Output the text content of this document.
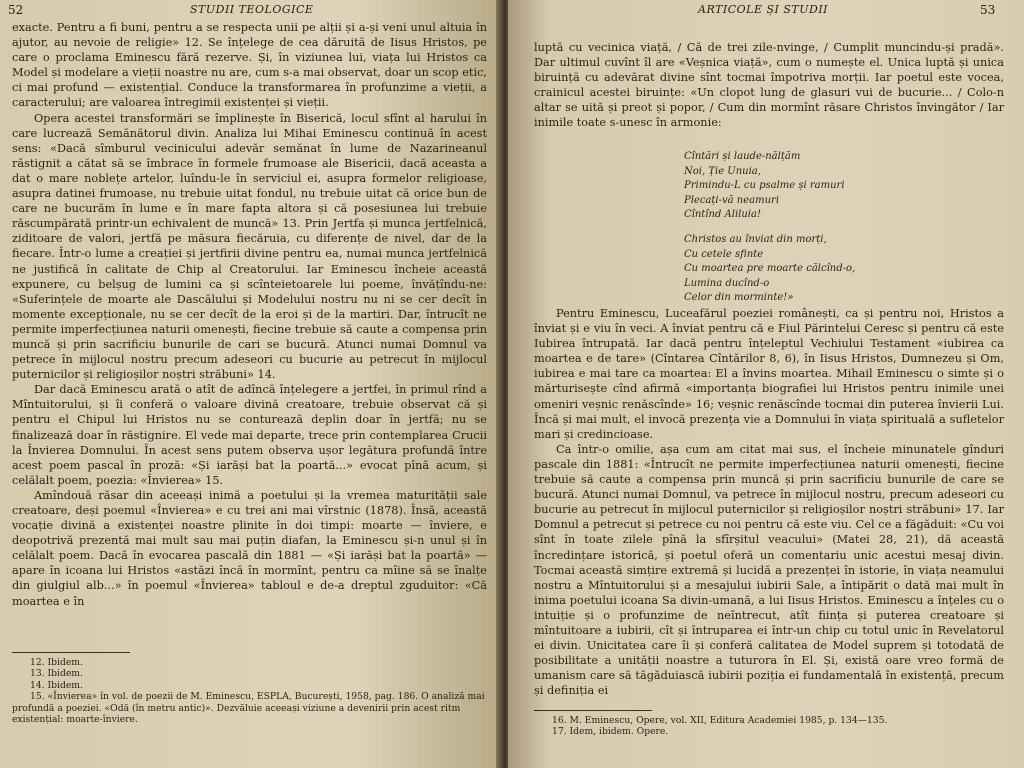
52	STUDII TEOLOGICE

exacte. Pentru a fi buni, pentru a se respecta unii pe alții și a-și veni unul altuia în ajutor, au nevoie de religie» 12. Se înțelege de cea dăruită de Iisus Hristos, pe care o proclama Eminescu fără rezerve. Și, în viziunea lui, viața lui Hristos ca Model și modelare a vieții noastre nu are, cum s-a mai observat, doar un scop etic, ci mai profund — existențial. Conduce la transformarea în profunzime a vieții, a caracterului; are valoarea întregimii existenței și vieții.

Opera acestei transformări se împlinește în Biserică, locul sfînt al harului în care lucrează Semănătorul divin. Analiza lui Mihai Eminescu continuă în acest sens: «Dacă sîmburul vecinicului adevăr semănat în lume de Nazarineanul răstignit a cătat să se îmbrace în formele frumoase ale Bisericii, dacă aceasta a dat o mare noblețe artelor, luîndu-le în serviciul ei, asupra formelor religioase, asupra datinei frumoase, nu trebuie uitat fondul, nu trebuie uitat că orice bun de care ne bucurăm în lume e în mare fapta altora și că posesiunea lui trebuie răscumpărată printr-un echivalent de muncă» 13. Prin Jertfa și munca jertfelnică, ziditoare de valori, jertfă pe măsura fiecăruia, cu diferențe de nivel, dar de la fiecare. Într-o lume a creației și jertfirii divine pentru ea, numai munca jertfelnică ne justifică în calitate de Chip al Creatorului. Iar Eminescu încheie această expunere, cu belșug de lumini ca și scînteietoarele lui poeme, învățîndu-ne: «Suferințele de moarte ale Dascălului și Modelului nostru nu ni se cer decît în momente excepționale, nu se cer decît de la eroi și de la martiri. Dar, întrucît ne permite imperfecțiunea naturii omenești, fiecine trebuie să caute a compensa prin muncă și prin sacrificiu bunurile de cari se bucură. Atunci numai Domnul va petrece în mijlocul nostru precum adeseori cu bucurie au petrecut în mijlocul puternicilor și religioșilor noștri străbuni» 14.

Dar dacă Eminescu arată o atît de adîncă înțelegere a jertfei, în primul rînd a Mîntuitorului, și îi conferă o valoare divină creatoare, trebuie observat că și pentru el Chipul lui Hristos nu se conturează deplin doar în jertfă; nu se finalizează doar în răstignire. El vede mai departe, trece prin contemplarea Crucii la Învierea Domnului. În acest sens putem observa ușor legătura profundă între acest poem pascal în proză: «Și iarăși bat la poartă...» evocat pînă acum, și celălalt poem, poezia: «Învierea» 15.

Amîndouă răsar din aceeași inimă a poetului și la vremea maturității sale creatoare, deși poemul «Învierea» e cu trei ani mai vîrstnic (1878). Însă, această vocație divină a existenței noastre plinite în doi timpi: moarte — înviere, e deopotrivă prezentă mai mult sau mai puțin diafan, la Eminescu și-n unul și în celălalt poem. Dacă în evocarea pascală din 1881 — «Și iarăși bat la poartă» — apare în icoana lui Hristos «astăzi încă în mormînt, pentru ca mîine să se înalțe din giulgiul alb...» în poemul «Învierea» tabloul e de-a dreptul zguduitor: «Că moartea e în

12. Ibidem.
13. Ibidem.
14. Ibidem.
15. «Învierea» în vol. de poezii de M. Eminescu, ESPLA, București, 1958, pag. 186. O analiză mai profundă a poeziei. «Odă (în metru antic)». Dezvăluie aceeași viziune a devenirii prin acest ritm existențial: moarte-înviere.
ARTICOLE ȘI STUDII	53

luptă cu vecinica viață, / Că de trei zile-nvinge, / Cumplit muncindu-și pradă». Dar ultimul cuvînt îl are «Veșnica viață», cum o numește el. Unica luptă și unica biruință cu adevărat divine sînt tocmai împotriva morții. Iar poetul este vocea, crainicul acestei biruințe: «Un clopot lung de glasuri vui de bucurie... / Colo-n altar se uită și preot și popor, / Cum din mormînt răsare Christos învingător / Iar inimile toate s-unesc în armonie:

Cîntări și laude-nălțăm
Noi, Ție Unuia,
Primindu-L cu psalme și ramuri
Plecați-vă neamuri
Cîntînd Aliluia!
Christos au înviat din morți,
Cu cetele sfinte
Cu moartea pre moarte călcînd-o,
Lumina ducînd-o
Celor din morminte!»

Pentru Eminescu, Luceafărul poeziei românești, ca și pentru noi, Hristos a înviat și e viu în veci. A înviat pentru că e Fiul Părintelui Ceresc și pentru că este Iubirea întrupată. Iar dacă pentru înțeleptul Vechiului Testament «iubirea ca moartea e de tare» (Cîntarea Cîntărilor 8, 6), în Iisus Hristos, Dumnezeu și Om, iubirea e mai tare ca moartea: El a învins moartea. Mihail Eminescu o simte și o mărturisește cînd afirmă «importanța biografiei lui Hristos pentru inimile unei omeniri veșnic renăscînde» 16; veșnic renăscînde tocmai din puterea învierii Lui. Încă și mai mult, el invocă prezența vie a Domnului în viața spirituală a sufletelor mari și credincioase.

Ca într-o omilie, așa cum am citat mai sus, el încheie minunatele gînduri pascale din 1881: «Întrucît ne permite imperfecțiunea naturii omenești, fiecine trebuie să caute a compensa prin muncă și prin sacrificiu bunurile de care se bucură. Atunci numai Domnul, va petrece în mijlocul nostru, precum adeseori cu bucurie au petrecut în mijlocul puternicilor și religioșilor noștri străbuni» 17. Iar Domnul a petrecut și petrece cu noi pentru că este viu. Cel ce a făgăduit: «Cu voi sînt în toate zilele pînă la sfîrșitul veacului» (Matei 28, 21), dă această încredințare istorică, și poetul oferă un comentariu unic acestui mesaj divin. Tocmai această simțire extremă și lucidă a prezenței în istorie, în viața neamului nostru a Mîntuitorului și a mesajului iubirii Sale, a întipărit o dată mai mult în inima poetului icoana Sa divin-umană, a lui Iisus Hristos. Eminescu a înțeles cu o intuiție și o profunzime de neîntrecut, atît ființa și puterea creatoare și mîntuitoare a iubirii, cît și întruparea ei într-un chip cu totul unic în Revelatorul ei divin. Unicitatea care îi și conferă calitatea de Model suprem și totodată de posibilitate a unității noastre a tuturora în El. Și, există oare vreo formă de umanism care să tăgăduiască iubirii poziția ei fundamentală în existență, precum și definiția ei

16. M. Eminescu, Opere, vol. XII, Editura Academiei 1985, p. 134—135.
17. Idem, ibidem. Opere.
